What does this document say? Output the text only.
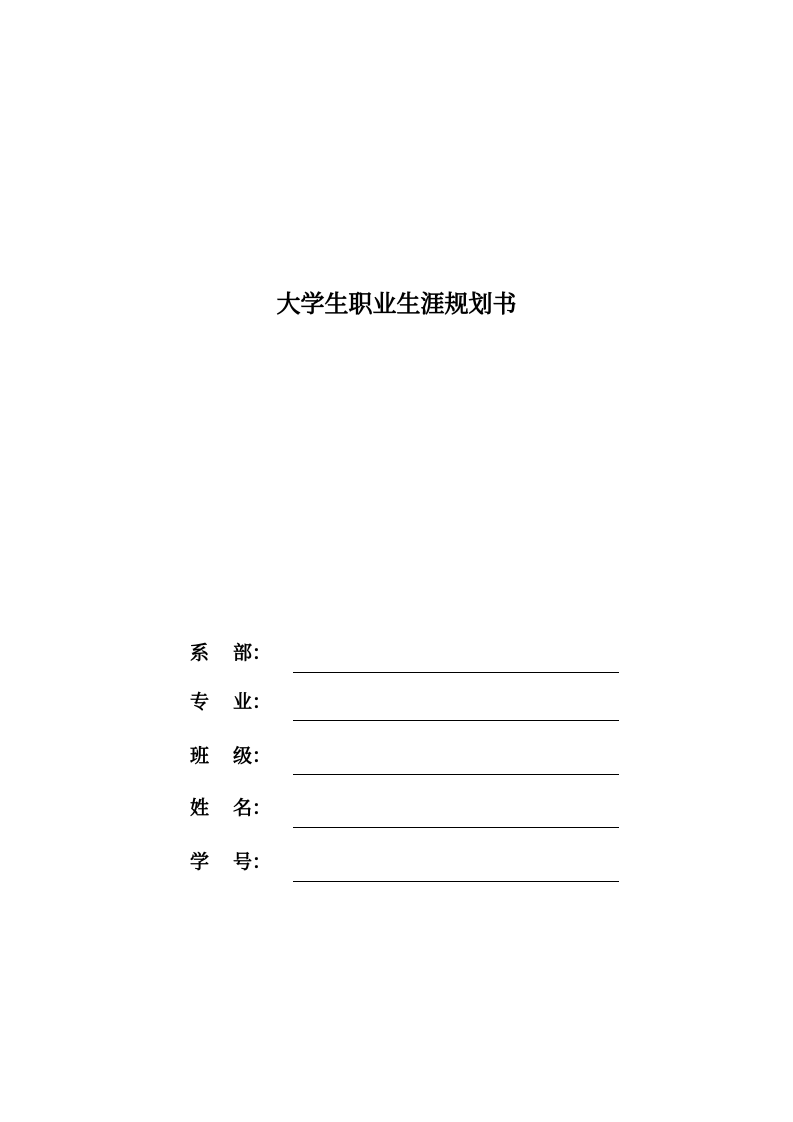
大学生职业生涯规划书
系 部 ：
专 业 ：
班 级 ：
姓 名 ：
学 号 ：
